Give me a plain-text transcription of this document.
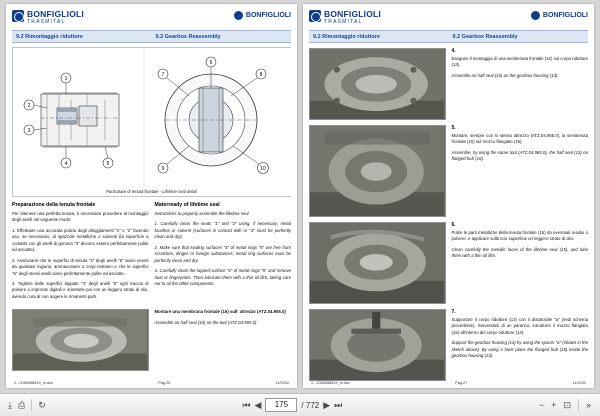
BONFIGLIOLI
TRASMITAL
BONFIGLIOLI
9.2 Rimontaggio riduttore	9.2 Gearbox Reassembly
1
2
3
4	5
6
7	8
9	10
Particolare di tenuta frontale - Lifetime seal detail
Preparazione della tenuta frontale

Per ottenere una perfetta tenuta, è necessario procedere al montaggio degli anelli nel seguente modo:

1. Effettuare una accurata pulizia degli alloggiamenti "1" e "2" facendo uso, se necessario, di spazzole metalliche o solventi (la superficie a contatto con gli anelli di gomma "3" devono essere perfettamente pulite ed asciutte).

2. Assicurarsi che le superfici di tenuta "4" degli anelli "5" siano esenti da qualsiasi ingiuria, ammaccature o corpi estranei e che le superfici "6" degli stessi anelli siano perfettamente pulite ed asciutte.

3. Togliere dalle superfici lappate "4" degli anelli "5" ogni traccia di polvere o impronte digitali e orientarle poi con un leggero strato di olio, avendo cura di non ungere le rimanenti parti.

Materready of lifetime seal

Instructions to properly assemble the lifetime seal

1. Carefully clean the seats "1" and "2" using, if necessary, metal brushes or solvent (surfaces in contact with or "3" must be perfectly clean and dry).

2. Make sure that sealing surfaces "4" of metal rings "5" are free from scratches, dinges or foreign substances; metal ring surfaces must be perfectly clean and dry.

3. Carefully clean the lapped surface "4" of metal rings "5" and remove dust or fingerprints. Then lubricate them with a thin oil film, taking care not to oil the other components.

Montare una membrana frontale (16) sull' attrezzo (ATZ.04.905.0)

Assemble an half seal (16) on the tool (ATZ.04.905.0)

\\...\ZI55088819_m.doc	Pag.26	11/2002
BONFIGLIOLI
TRASMITAL
BONFIGLIOLI
9.2 Rimontaggio riduttore	9.2 Gearbox Reassembly
4.

Eseguire il montaggio di una semitenuta frontale (15) sul corpo riduttore (13).

Assemble an half seal (15) on the gearbox housing (13).

5.

Montare, sempre con lo stesso attrezzo (ATZ.04.965.0), la semitenuta frontale (15) sul mozzo flangiato (16).

Assemble, by using the same tool (ATZ.04.965.0), the half seal (15) on flanged hub (16).

6.

Pulire le parti metalliche della tenuta frontale (15) da eventuali residui o polvere, e applicare sulla loro superficie un leggero strato di olio.

Clean carefully the metallic faces of the lifetime seal (15), and lube them with a thin oil film.

7.

Supportare il corpo riduttore (13) con il distanziale "a" (vedi schema precedente). Servendosi di un paranco, introdurre il mozzo flangiato (16) all'interno del corpo riduttore (13).

Support the gearbox housing (13) by using the spacer "a" (shown in the sketch above). By using a hoist place the flanged hub (16) inside the gearbox housing (13).

\\...\ZI55088819_m.doc	Pag.27	11/2002
⤓ ⎙ ↻	⏮ ◀	175	/ 772 ▶ ⏭	− + ⊡ »
